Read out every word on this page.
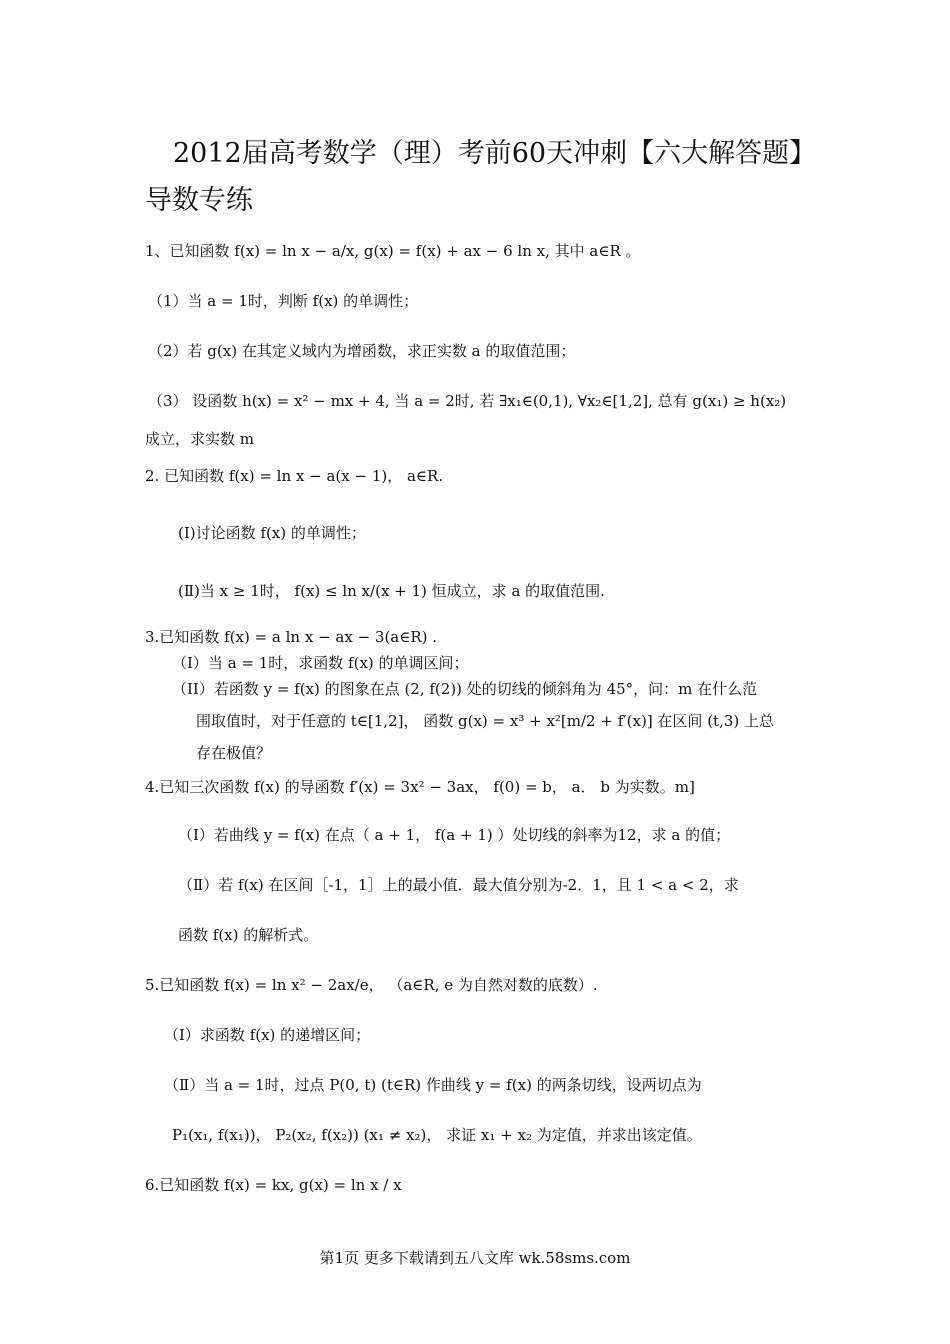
2012届高考数学（理）考前60天冲刺【六大解答题】导数专练
1、已知函数 f(x) = ln x − a/x, g(x) = f(x) + ax − 6 ln x, 其中 a∈R 。
（1）当 a = 1时，判断 f(x) 的单调性；
（2）若 g(x) 在其定义域内为增函数，求正实数 a 的取值范围；
（3） 设函数 h(x) = x² − mx + 4, 当 a = 2时, 若 ∃x₁∈(0,1), ∀x₂∈[1,2], 总有 g(x₁) ≥ h(x₂)
成立，求实数 m
2. 已知函数 f(x) = ln x − a(x − 1)， a∈R.
(Ⅰ)讨论函数 f(x) 的单调性；
(Ⅱ)当 x ≥ 1时， f(x) ≤ ln x/(x + 1) 恒成立，求 a 的取值范围.
3.已知函数 f(x) = a ln x − ax − 3(a∈R) .
（I）当 a = 1时，求函数 f(x) 的单调区间；
（II）若函数 y = f(x) 的图象在点 (2, f(2)) 处的切线的倾斜角为 45°，问：m 在什么范
围取值时，对于任意的 t∈[1,2]， 函数 g(x) = x³ + x²[m/2 + f′(x)] 在区间 (t,3) 上总
存在极值？
4.已知三次函数 f(x) 的导函数 f′(x) = 3x² − 3ax， f(0) = b， a． b 为实数。m]
（Ⅰ）若曲线 y = f(x) 在点（ a + 1， f(a + 1) ）处切线的斜率为12，求 a 的值；
（Ⅱ）若 f(x) 在区间［-1，1］上的最小值．最大值分别为-2．1，且 1 < a < 2，求
函数 f(x) 的解析式。
5.已知函数 f(x) = ln x² − 2ax/e， （a∈R, e 为自然对数的底数）.
（Ⅰ）求函数 f(x) 的递增区间；
（Ⅱ）当 a = 1时，过点 P(0, t) (t∈R) 作曲线 y = f(x) 的两条切线，设两切点为
P₁(x₁, f(x₁))， P₂(x₂, f(x₂)) (x₁ ≠ x₂)， 求证 x₁ + x₂ 为定值，并求出该定值。
6.已知函数 f(x) = kx, g(x) = ln x / x
第1页 更多下载请到五八文库 wk.58sms.com
